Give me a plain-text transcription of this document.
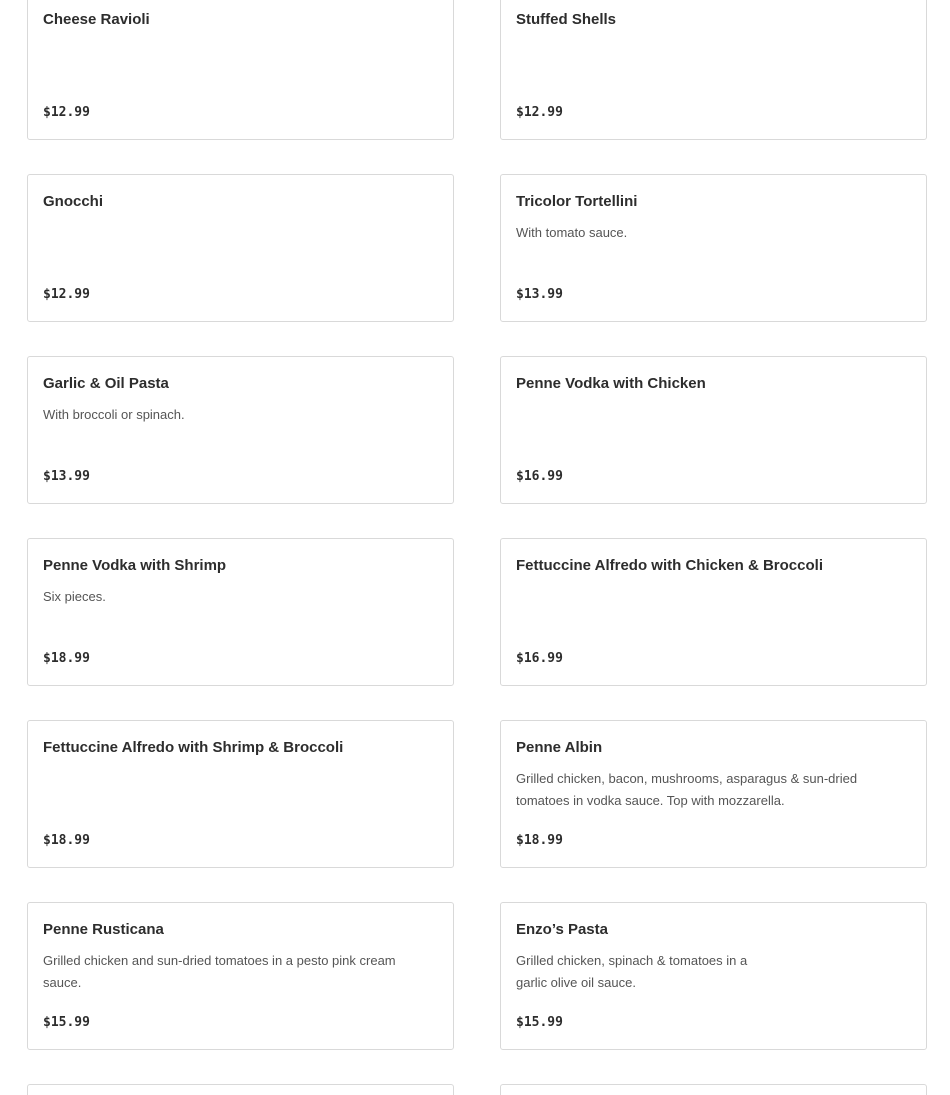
Cheese Ravioli
$12.99
Stuffed Shells
$12.99
Gnocchi
$12.99
Tricolor Tortellini
With tomato sauce.
$13.99
Garlic & Oil Pasta
With broccoli or spinach.
$13.99
Penne Vodka with Chicken
$16.99
Penne Vodka with Shrimp
Six pieces.
$18.99
Fettuccine Alfredo with Chicken & Broccoli
$16.99
Fettuccine Alfredo with Shrimp & Broccoli
$18.99
Penne Albin
Grilled chicken, bacon, mushrooms, asparagus & sun-dried tomatoes in vodka sauce. Top with mozzarella.
$18.99
Penne Rusticana
Grilled chicken and sun-dried tomatoes in a pesto pink cream sauce.
$15.99
Enzo’s Pasta
Grilled chicken, spinach & tomatoes in a garlic olive oil sauce.
$15.99
